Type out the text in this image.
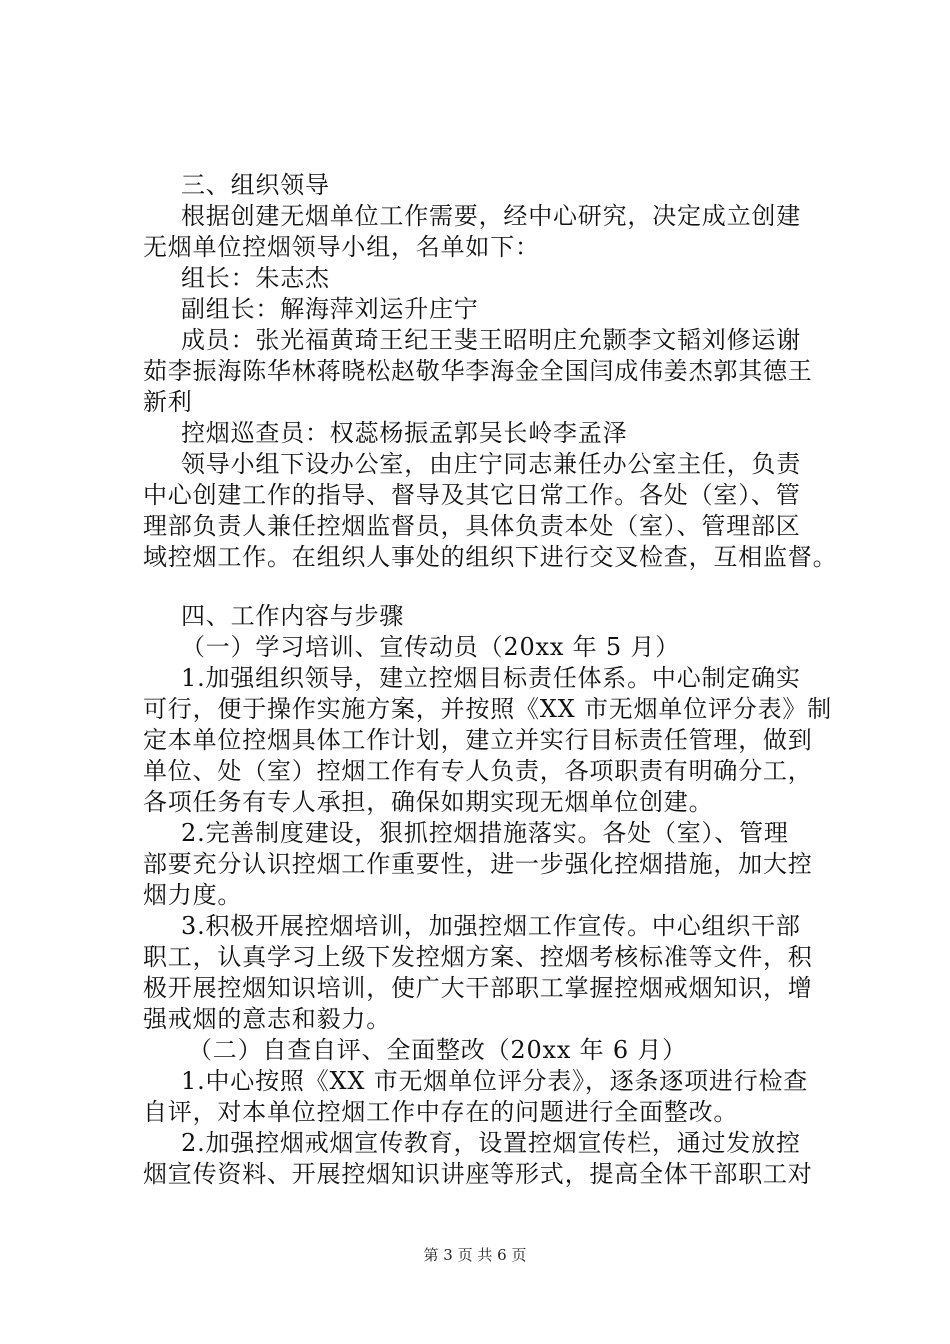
三、组织领导
根据创建无烟单位工作需要，经中心研究，决定成立创建
无烟单位控烟领导小组，名单如下：
组长：朱志杰
副组长：解海萍刘运升庄宁
成员：张光福黄琦王纪王斐王昭明庄允颢李文韬刘修运谢
茹李振海陈华林蒋晓松赵敬华李海金全国闫成伟姜杰郭其德王
新利
控烟巡查员：权蕊杨振孟郭吴长岭李孟泽
领导小组下设办公室，由庄宁同志兼任办公室主任，负责
中心创建工作的指导、督导及其它日常工作。各处（室）、管
理部负责人兼任控烟监督员，具体负责本处（室）、管理部区
域控烟工作。在组织人事处的组织下进行交叉检查，互相监督。
四、工作内容与步骤
（一）学习培训、宣传动员（20xx 年 5 月）
1.加强组织领导，建立控烟目标责任体系。中心制定确实
可行，便于操作实施方案，并按照《XX 市无烟单位评分表》制
定本单位控烟具体工作计划，建立并实行目标责任管理，做到
单位、处（室）控烟工作有专人负责，各项职责有明确分工，
各项任务有专人承担，确保如期实现无烟单位创建。
2.完善制度建设，狠抓控烟措施落实。各处（室）、管理
部要充分认识控烟工作重要性，进一步强化控烟措施，加大控
烟力度。
3.积极开展控烟培训，加强控烟工作宣传。中心组织干部
职工，认真学习上级下发控烟方案、控烟考核标准等文件，积
极开展控烟知识培训，使广大干部职工掌握控烟戒烟知识，增
强戒烟的意志和毅力。
（二）自查自评、全面整改（20xx 年 6 月）
1.中心按照《XX 市无烟单位评分表》，逐条逐项进行检查
自评，对本单位控烟工作中存在的问题进行全面整改。
2.加强控烟戒烟宣传教育，设置控烟宣传栏，通过发放控
烟宣传资料、开展控烟知识讲座等形式，提高全体干部职工对
第 3 页 共 6 页
